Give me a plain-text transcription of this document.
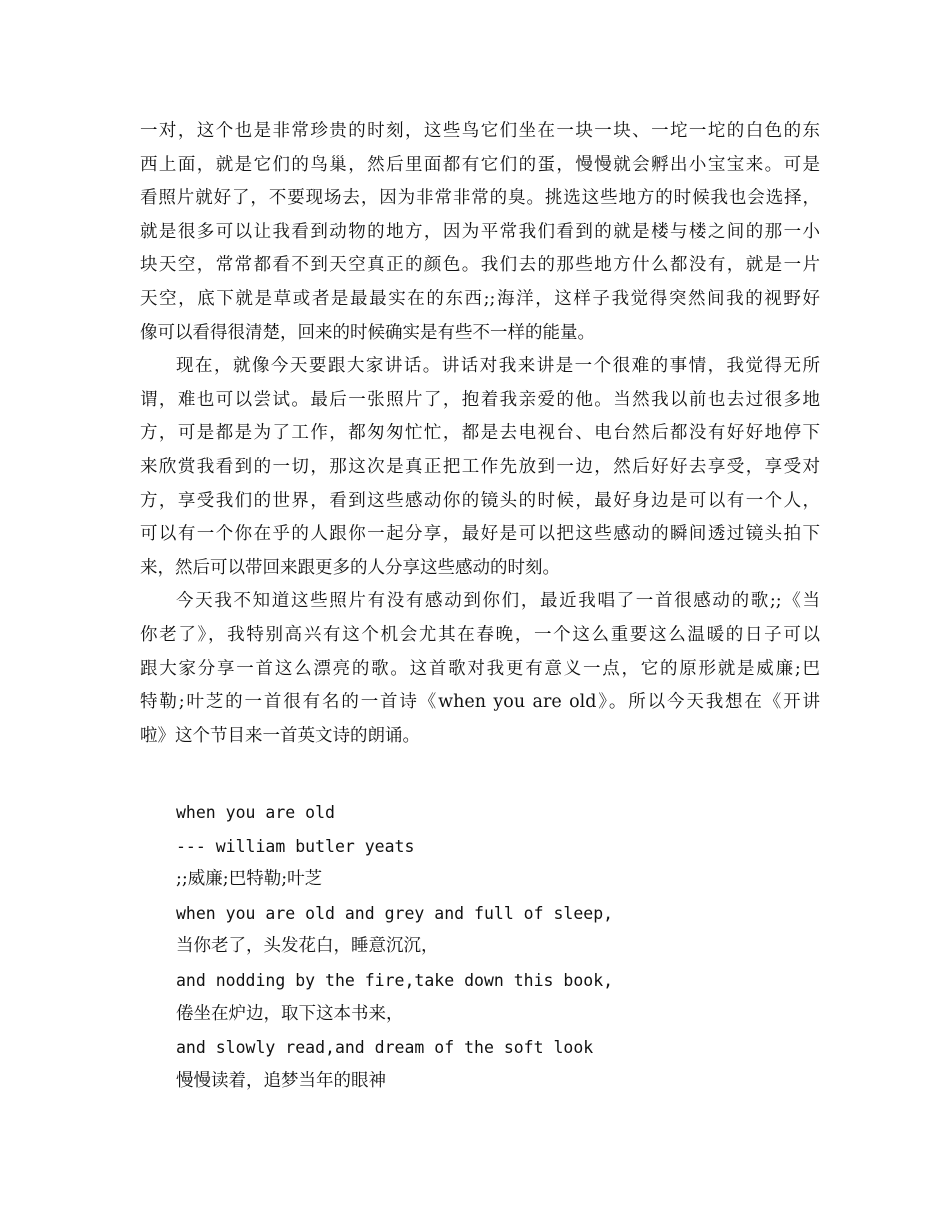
一对，这个也是非常珍贵的时刻，这些鸟它们坐在一块一块、一坨一坨的白色的东
西上面，就是它们的鸟巢，然后里面都有它们的蛋，慢慢就会孵出小宝宝来。可是
看照片就好了，不要现场去，因为非常非常的臭。挑选这些地方的时候我也会选择，
就是很多可以让我看到动物的地方，因为平常我们看到的就是楼与楼之间的那一小
块天空，常常都看不到天空真正的颜色。我们去的那些地方什么都没有，就是一片
天空，底下就是草或者是最最实在的东西;;海洋，这样子我觉得突然间我的视野好
像可以看得很清楚，回来的时候确实是有些不一样的能量。
现在，就像今天要跟大家讲话。讲话对我来讲是一个很难的事情，我觉得无所
谓，难也可以尝试。最后一张照片了，抱着我亲爱的他。当然我以前也去过很多地
方，可是都是为了工作，都匆匆忙忙，都是去电视台、电台然后都没有好好地停下
来欣赏我看到的一切，那这次是真正把工作先放到一边，然后好好去享受，享受对
方，享受我们的世界，看到这些感动你的镜头的时候，最好身边是可以有一个人，
可以有一个你在乎的人跟你一起分享，最好是可以把这些感动的瞬间透过镜头拍下
来，然后可以带回来跟更多的人分享这些感动的时刻。
今天我不知道这些照片有没有感动到你们，最近我唱了一首很感动的歌;;《当
你老了》，我特别高兴有这个机会尤其在春晚，一个这么重要这么温暖的日子可以
跟大家分享一首这么漂亮的歌。这首歌对我更有意义一点，它的原形就是威廉;巴
特勒;叶芝的一首很有名的一首诗《when you are old》。所以今天我想在《开讲
啦》这个节目来一首英文诗的朗诵。
when you are old
--- william butler yeats
;;威廉;巴特勒;叶芝
when you are old and grey and full of sleep,
当你老了，头发花白，睡意沉沉，
and nodding by the fire,take down this book,
倦坐在炉边，取下这本书来，
and slowly read,and dream of the soft look
慢慢读着，追梦当年的眼神
